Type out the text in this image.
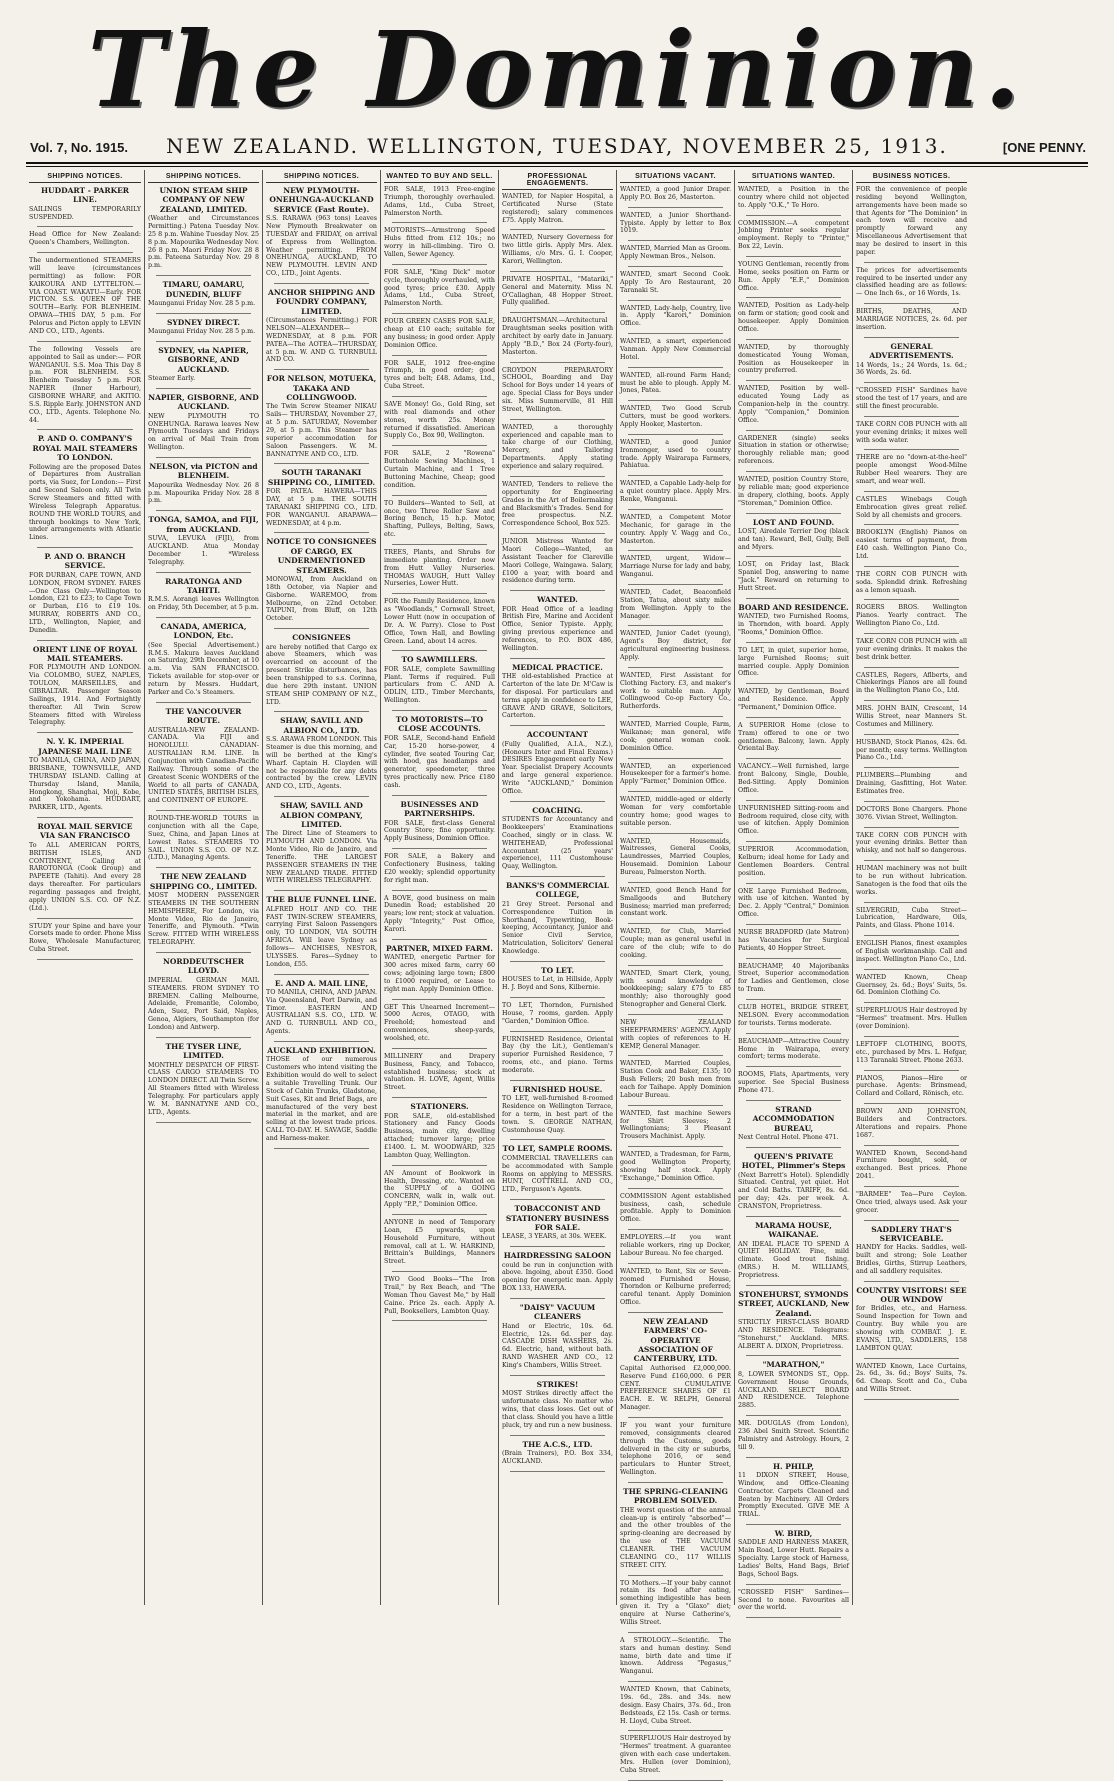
The Dominion.
Vol. 7, No. 1915.	NEW ZEALAND. WELLINGTON, TUESDAY, NOVEMBER 25, 1913.	[ONE PENNY.
SHIPPING NOTICES.
HUDDART - PARKER LINE.
SAILINGS TEMPORARILY SUSPENDED.
Head Office for New Zealand: Queen's Chambers, Wellington.
The undermentioned STEAMERS will leave (circumstances permitting) as follow: FOR KAIKOURA AND LYTTELTON.—VIA COAST. WAKATU—Early. FOR PICTON. S.S. QUEEN OF THE SOUTH—Early. FOR BLENHEIM. OPAWA—THIS DAY, 5 p.m. For Pelorus and Picton apply to LEVIN AND CO., LTD., Agents.
The following Vessels are appointed to Sail as under:— FOR WANGANUI. S.S. Moa This Day 8 p.m. FOR BLENHEIM. S.S. Blenheim Tuesday 5 p.m. FOR NAPIER (Inner Harbour), GISBORNE WHARF, and AKITIO. S.S. Ripple Early. JOHNSTON AND CO., LTD., Agents. Telephone No. 44.
P. AND O. COMPANY'S ROYAL MAIL STEAMERS TO LONDON.
Following are the proposed Dates of Departures from Australian ports, via Suez, for London:— First and Second Saloon only. All Twin Screw Steamers and fitted with Wireless Telegraph Apparatus. ROUND THE WORLD TOURS, and through bookings to New York, under arrangements with Atlantic Lines.
P. AND O. BRANCH SERVICE.
FOR DURBAN, CAPE TOWN, AND LONDON, FROM SYDNEY. FARES—One Class Only—Wellington to London, £21 to £23; to Cape Town or Durban, £16 to £19 10s. MURRAY, ROBERTS AND CO., LTD., Wellington, Napier, and Dunedin.
ORIENT LINE OF ROYAL MAIL STEAMERS.
FOR PLYMOUTH AND LONDON. Via COLOMBO, SUEZ, NAPLES, TOULON, MARSEILLES, and GIBRALTAR. Passenger Season Sailings, 1914. And Fortnightly thereafter. All Twin Screw Steamers fitted with Wireless Telegraphy.
N. Y. K. IMPERIAL JAPANESE MAIL LINE
TO MANILA, CHINA, AND JAPAN, BRISBANE, TOWNSVILLE, AND THURSDAY ISLAND. Calling at Thursday Island, Manila, Hongkong, Shanghai, Moji, Kobe, and Yokohama. HUDDART, PARKER, LTD., Agents.
ROYAL MAIL SERVICE VIA SAN FRANCISCO
To ALL AMERICAN PORTS, BRITISH ISLES, AND CONTINENT, Calling at RAROTONGA (Cook Group) and PAPEETE (Tahiti). And every 28 days thereafter. For particulars regarding passages and freight, apply UNION S.S. CO. OF N.Z. (Ltd.).
STUDY your Spine and have your Corsets made to order. Phone Miss Rowe, Wholesale Manufacturer, Cuba Street.
SHIPPING NOTICES.
UNION STEAM SHIP COMPANY OF NEW ZEALAND, LIMITED.
(Weather and Circumstances Permitting.) Patena Tuesday Nov. 25 8 p.m. Wahine Tuesday Nov. 25 8 p.m. Mapourika Wednesday Nov. 26 8 p.m. Maori Friday Nov. 28 8 p.m. Pateena Saturday Nov. 29 8 p.m.
TIMARU, OAMARU, DUNEDIN, BLUFF
Maunganui Friday Nov. 28 5 p.m.
SYDNEY DIRECT.
Maunganui Friday Nov. 28 5 p.m.
SYDNEY, via NAPIER, GISBORNE, AND AUCKLAND.
Steamer Early.
NAPIER, GISBORNE, AND AUCKLAND.
NEW PLYMOUTH TO ONEHUNGA. Rarawa leaves New Plymouth Tuesdays and Fridays on arrival of Mail Train from Wellington.
NELSON, via PICTON and BLENHEIM.
Mapourika Wednesday Nov. 26 8 p.m. Mapourika Friday Nov. 28 8 p.m.
TONGA, SAMOA, and FIJI, from AUCKLAND.
SUVA, LEVUKA (FIJI), from AUCKLAND. Atua Monday December 1. *Wireless Telegraphy.
RARATONGA AND TAHITI.
R.M.S. Aorangi leaves Wellington on Friday, 5th December, at 5 p.m.
CANADA, AMERICA, LONDON, Etc.
(See Special Advertisement.) R.M.S. Makura leaves Auckland on Saturday, 29th December, at 10 a.m. Via SAN FRANCISCO. Tickets available for stop-over or return by Messrs. Huddart, Parker and Co.'s Steamers.
THE VANCOUVER ROUTE.
AUSTRALIA-NEW ZEALAND-CANADA. Via FIJI and HONOLULU. CANADIAN-AUSTRALIAN R.M. LINE. In Conjunction with Canadian-Pacific Railway. Through some of the Greatest Scenic WONDERS of the World to all parts of CANADA, UNITED STATES, BRITISH ISLES, and CONTINENT OF EUROPE.
ROUND-THE-WORLD TOURS in conjunction with all the Cape, Suez, China, and Japan Lines at Lowest Rates. STEAMERS TO SAIL. UNION S.S. CO. OF N.Z. (LTD.), Managing Agents.
THE NEW ZEALAND SHIPPING CO., LIMITED.
MOST MODERN PASSENGER STEAMERS IN THE SOUTHERN HEMISPHERE, For London, via Monte Video, Rio de Janeiro, Teneriffe, and Plymouth. *Twin Screw. FITTED WITH WIRELESS TELEGRAPHY.
NORDDEUTSCHER LLOYD.
IMPERIAL GERMAN MAIL STEAMERS. FROM SYDNEY TO BREMEN. Calling Melbourne, Adelaide, Fremantle, Colombo, Aden, Suez, Port Said, Naples, Genoa, Algiers, Southampton (for London) and Antwerp.
THE TYSER LINE, LIMITED.
MONTHLY DESPATCH OF FIRST-CLASS CARGO STEAMERS TO LONDON DIRECT. All Twin Screw. All Steamers fitted with Wireless Telegraphy. For particulars apply W. M. BANNATYNE AND CO., LTD., Agents.
SHIPPING NOTICES.
NEW PLYMOUTH-ONEHUNGA-AUCKLAND SERVICE (Fast Route).
S.S. RARAWA (963 tons) Leaves New Plymouth Breakwater on TUESDAY and FRIDAY, on arrival of Express from Wellington. Weather permitting. FROM ONEHUNGA, AUCKLAND, TO NEW PLYMOUTH. LEVIN AND CO., LTD., Joint Agents.
ANCHOR SHIPPING AND FOUNDRY COMPANY, LIMITED.
(Circumstances Permitting.) FOR NELSON—ALEXANDER—WEDNESDAY, at 8 p.m. FOR PATEA—The AOTEA—THURSDAY, at 5 p.m. W. AND G. TURNBULL AND CO.
FOR NELSON, MOTUEKA, TAKAKA AND COLLINGWOOD.
The Twin Screw Steamer NIKAU Sails— THURSDAY, November 27, at 5 p.m. SATURDAY, November 29, at 5 p.m. This Steamer has superior accommodation for Saloon Passengers. W. M. BANNATYNE AND CO., LTD.
SOUTH TARANAKI SHIPPING CO., LIMITED.
FOR PATEA. HAWERA—THIS DAY, at 5 p.m. THE SOUTH TARANAKI SHIPPING CO., LTD. FOR WANGANUI. ARAPAWA—WEDNESDAY, at 4 p.m.
NOTICE TO CONSIGNEES OF CARGO, EX UNDERMENTIONED STEAMERS.
MONOWAI, from Auckland on 18th October, via Napier and Gisborne. WAREMOO, from Melbourne, on 22nd October. TAIPUNI, from Bluff, on 12th October.
CONSIGNEES
are hereby notified that Cargo ex above Steamers, which was overcarried on account of the present Strike disturbances, has been transhipped to s.s. Corinna, due here 29th instant. UNION STEAM SHIP COMPANY OF N.Z., LTD.
SHAW, SAVILL AND ALBION CO., LTD.
S.S. ARAWA FROM LONDON. This Steamer is due this morning, and will be berthed at the King's Wharf. Captain H. Clayden will not be responsible for any debts contracted by the crew. LEVIN AND CO., LTD., Agents.
SHAW, SAVILL AND ALBION COMPANY, LIMITED.
The Direct Line of Steamers to PLYMOUTH AND LONDON. Via Monte Video, Rio de Janeiro, and Teneriffe. THE LARGEST PASSENGER STEAMERS IN THE NEW ZEALAND TRADE. FITTED WITH WIRELESS TELEGRAPHY.
THE BLUE FUNNEL LINE.
ALFRED HOLT AND CO. THE FAST TWIN-SCREW STEAMERS, carrying First Saloon Passengers only, TO LONDON, VIA SOUTH AFRICA. Will leave Sydney as follows— ANCHISES, NESTOR, ULYSSES. Fares—Sydney to London, £55.
E. AND A. MAIL LINE,
TO MANILA, CHINA, AND JAPAN. Via Queensland, Port Darwin, and Timor. EASTERN AND AUSTRALIAN S.S. CO., LTD. W. AND G. TURNBULL AND CO., Agents.
AUCKLAND EXHIBITION.
THOSE of our numerous Customers who intend visiting the Exhibition would do well to select a suitable Travelling Trunk. Our Stock of Cabin Trunks, Gladstone, Suit Cases, Kit and Brief Bags, are manufactured of the very best material in the market, and are selling at the lowest trade prices. CALL TO-DAY. H. SAVAGE, Saddle and Harness-maker.
WANTED TO BUY AND SELL.
FOR SALE, 1913 Free-engine Triumph, thoroughly overhauled. Adams, Ltd., Cuba Street, Palmerston North.
MOTORISTS—Armstrong Speed Hubs fitted from £12 10s.; no worry in hill-climbing. Tiro O. Vallen, Sewer Agency.
FOR SALE, "King Dick" motor cycle, thoroughly overhauled, with good tyres; price £30. Apply Adams, Ltd., Cuba Street, Palmerston North.
FOUR GREEN CASES FOR SALE, cheap at £10 each; suitable for any business; in good order. Apply Dominion Office.
FOR SALE, 1912 free-engine Triumph, in good order; good tyres and belt; £48. Adams, Ltd., Cuba Street.
SAVE Money! Go., Gold Ring, set with real diamonds and other stones, worth 25s. Money returned if dissatisfied. American Supply Co., Box 90, Wellington.
FOR SALE, 2 "Rowena" Buttonhole Sewing Machines, 1 Curtain Machine, and 1 Tree Buttoning Machine, Cheap; good condition.
TO Builders—Wanted to Sell, at once, two Three Roller Saw and Boring Bench, 15 h.p. Motor, Shafting, Pulleys, Belting, Saws, etc.
TREES, Plants, and Shrubs for immediate planting. Order now from Hutt Valley Nurseries. THOMAS WAUGH, Hutt Valley Nurseries, Lower Hutt.
FOR the Family Residence, known as "Woodlands," Cornwall Street, Lower Hutt (now in occupation of Dr. A. W. Parry). Close to Post Office, Town Hall, and Bowling Green. Land, about 14 acres.
TO SAWMILLERS.
FOR SALE, complete Sawmilling Plant. Terms if required. Full particulars from C. AND A. ODLIN, LTD., Timber Merchants, Wellington.
TO MOTORISTS—TO CLOSE ACCOUNTS.
FOR SALE, Second-hand Enfield Car, 15-20 horse-power, 4 cylinder, five seated Touring Car, with hood, gas headlamps and generator, speedometer, three tyres practically new. Price £180 cash.
BUSINESSES AND PARTNERSHIPS.
FOR SALE, first-class General Country Store; fine opportunity. Apply Business, Dominion Office.
FOR SALE, a Bakery and Confectionery Business, taking £20 weekly; splendid opportunity for right man.
A BOVE, good business on main Dunedin Road; established 20 years; low rent; stock at valuation. Apply "Integrity," Post Office, Karori.
PARTNER, MIXED FARM.
WANTED, energetic Partner for 300 acres mixed farm, carry 60 cows; adjoining large town; £800 to £1000 required, or Lease to right man. Apply Dominion Office.
GET This Unearned Increment—5000 Acres, OTAGO, with Freehold; homestead and conveniences, sheep-yards, woolshed, etc.
MILLINERY and Drapery Business, Fancy, and Tobacco, established business; stock at valuation. H. LOVE, Agent, Willis Street.
STATIONERS.
FOR SALE, old-established Stationery and Fancy Goods Business, main city, dwelling attached; turnover large; price £1400. L. M. WOODWARD, 325 Lambton Quay, Wellington.
AN Amount of Bookwork in Health, Dressing, etc. Wanted on the SUPPLY of a GOING CONCERN, walk in, walk out. Apply "P.P.," Dominion Office.
ANYONE in need of Temporary Loan, £5 upwards, upon Household Furniture, without removal, call at L. W. HARKIND, Brittain's Buildings, Manners Street.
TWO Good Books—"The Iron Trail," by Rex Beach, and "The Woman Thou Gavest Me," by Hall Caine. Price 2s. each. Apply A. Pull, Booksellers, Lambton Quay.
PROFESSIONAL ENGAGEMENTS.
WANTED, for Napier Hospital, a Certificated Nurse (State registered); salary commences £75. Apply Matron.
WANTED, Nursery Governess for two little girls. Apply Mrs. Alex. Williams, c/o Mrs. G. I. Cooper, Karori, Wellington.
PRIVATE HOSPITAL, "Matariki," General and Maternity. Miss N. O'Callaghan, 48 Hopper Street. Fully qualified.
DRAUGHTSMAN.—Architectural Draughtsman seeks position with architect by early date in January. Apply "B.D.," Box 24 (Forty-four), Masterton.
CROYDON PREPARATORY SCHOOL, Boarding and Day School for Boys under 14 years of age. Special Class for Boys under six. Miss Summerville, 81 Hill Street, Wellington.
WANTED, a thoroughly experienced and capable man to take charge of our Clothing, Mercery, and Tailoring Departments. Apply stating experience and salary required.
WANTED, Tenders to relieve the opportunity for Engineering Grades in the Art of Boilermaking and Blacksmith's Trades. Send for free prospectus. N.Z. Correspondence School, Box 525.
JUNIOR Mistress Wanted for Maori College—Wanted, an Assistant Teacher for Clareville Maori College, Waingawa. Salary, £100 a year, with board and residence during term.
WANTED.
FOR Head Office of a leading British Fire, Marine and Accident Office, Senior Typiste. Apply, giving previous experience and references, to P.O. BOX 486, Wellington.
MEDICAL PRACTICE.
THE old-established Practice at Carterton of the late Dr. M'Caw is for disposal. For particulars and terms apply in confidence to LEE, GRAVE AND GRAVE, Solicitors, Carterton.
ACCOUNTANT
(Fully Qualified, A.I.A., N.Z.), (Honours Inter and Final Exams.) DESIRES Engagement early New Year. Specialist Drapery Accounts and large general experience. Write "AUCKLAND," Dominion Office.
COACHING.
STUDENTS for Accountancy and Bookkeepers' Examinations Coached, singly or in class. W. WHITEHEAD, Professional Accountant (25 years' experience), 111 Customhouse Quay, Wellington.
BANKS'S COMMERCIAL COLLEGE,
21 Grey Street. Personal and Correspondence Tuition in Shorthand, Typewriting, Book-keeping, Accountancy, Junior and Senior Civil Service, Matriculation, Solicitors' General Knowledge.
TO LET.
HOUSES to Let, in Hillside, Apply H. J. Boyd and Sons, Kilbernie.
TO LET, Thorndon, Furnished House, 7 rooms, garden. Apply "Garden," Dominion Office.
FURNISHED Residence, Oriental Bay (by the Lit.), Gentleman's superior Furnished Residence, 7 rooms, etc., and piano. Terms moderate.
FURNISHED HOUSE.
TO LET, well-furnished 8-roomed Residence on Wellington Terrace, for a term, in best part of the town. S. GEORGE NATHAN, Customhouse Quay.
TO LET, SAMPLE ROOMS.
COMMERCIAL TRAVELLERS can be accommodated with Sample Rooms on applying to MESSRS. HUNT, COTTRELL AND CO., LTD., Ferguson's Agents.
TOBACCONIST AND STATIONERY BUSINESS FOR SALE.
LEASE, 3 YEARS, at 30s. WEEK.
HAIRDRESSING SALOON
could be run in conjunction with above. Ingoing, about £350. Good opening for energetic man. Apply BOX 133, HAWERA.
"DAISY" VACUUM CLEANERS
Hand or Electric, 10s. 6d. Electric, 12s. 6d. per day. CASCADE DISH WASHERS, 2s. 6d. Electric, hand, without bath. RAND WASHER AND CO., 12 King's Chambers, Willis Street.
STRIKES!
MOST Strikes directly affect the unfortunate class. No matter who wins, that class loses. Get out of that class. Should you have a little pluck, try and run a new business.
THE A.C.S., LTD.
(Brain Trainers), P.O. Box 334, AUCKLAND.
SITUATIONS VACANT.
WANTED, a good Junior Draper. Apply P.O. Box 26, Masterton.
WANTED, a Junior Shorthand-Typiste. Apply by letter to Box 1019.
WANTED, Married Man as Groom. Apply Newman Bros., Nelson.
WANTED, smart Second Cook. Apply To Aro Restaurant, 20 Taranaki St.
WANTED, Lady-help, Country, live in. Apply "Karori," Dominion Office.
WANTED, a smart, experienced Vanman. Apply New Commercial Hotel.
WANTED, all-round Farm Hand; must be able to plough. Apply M. Jones, Patea.
WANTED, Two Good Scrub Cutters, must be good workers. Apply Hooker, Masterton.
WANTED, a good Junior Ironmonger, used to country trade. Apply Wairarapa Farmers, Pahiatua.
WANTED, a Capable Lady-help for a quiet country place. Apply Mrs. Renke, Wanganui.
WANTED, a Competent Motor Mechanic, for garage in the country. Apply V. Wagg and Co., Masterton.
WANTED, urgent, Widow—Marriage Nurse for lady and baby, Wanganui.
WANTED, Cadet, Beaconfield Station, Tatua, about sixty miles from Wellington. Apply to the Manager.
WANTED, Junior Cadet (young), Agent's Boy district, for agricultural engineering business. Apply.
WANTED, First Assistant for Clothing Factory. £3, and maker's work to suitable man. Apply Collingwood Co-op Factory Co., Rutherfords.
WANTED, Married Couple, Farm, Waikanae; man general, wife cook; general woman cook. Dominion Office.
WANTED, an experienced Housekeeper for a farmer's home. Apply "Farmer," Dominion Office.
WANTED, middle-aged or elderly Woman for very comfortable country home; good wages to suitable person.
WANTED, Housemaids, Waitresses, General Cooks, Laundresses, Married Couples, Housemaid. Dominion Labour Bureau, Palmerston North.
WANTED, good Bench Hand for Smallgoods and Butchery Business; married man preferred; constant work.
WANTED, for Club, Married Couple; man as general useful in care of the club; wife to do cooking.
WANTED, Smart Clerk, young, with sound knowledge of bookkeeping; salary £75 to £85 monthly; also thoroughly good Stenographer and General Clerk.
NEW ZEALAND SHEEPFARMERS' AGENCY. Apply with copies of references to H. KEMP, General Manager.
WANTED, Married Couples, Station Cook and Baker, £135; 10 Bush Fellers; 20 bush men from each for Taihape. Apply Dominion Labour Bureau.
WANTED, fast machine Sewers for Shirt Sleeves; 2 Wellingtonians; 3 Pleasant Trousers Machinist. Apply.
WANTED, a Tradesman, for Farm, good Wellington Property, showing half stock. Apply "Exchange," Dominion Office.
COMMISSION Agent established business, cash, schedule profitable. Apply to Dominion Office.
EMPLOYERS.—If you want reliable workers, ring up Docker, Labour Bureau. No fee charged.
WANTED, to Rent, Six or Seven-roomed Furnished House, Thorndon or Kelburne preferred; careful tenant. Apply Dominion Office.
NEW ZEALAND FARMERS' CO-OPERATIVE ASSOCIATION OF CANTERBURY, LTD.
Capital Authorised £2,000,000. Reserve Fund £160,000. 6 PER CENT. CUMULATIVE PREFERENCE SHARES OF £1 EACH. E. W. RELPH, General Manager.
IF you want your furniture removed, consignments cleared through the Customs, goods delivered in the city or suburbs, telephone 2016, or send particulars to Hunter Street, Wellington.
THE SPRING-CLEANING PROBLEM SOLVED.
THE worst question of the annual clean-up is entirely "absorbed"—and the other troubles of the spring-cleaning are decreased by the use of THE VACUUM CLEANER. THE VACUUM CLEANING CO., 117 WILLIS STREET. CITY.
TO Mothers.—If your baby cannot retain its food after eating, something indigestible has been given it. Try a "Glaxo" diet; enquire at Nurse Catherine's, Willis Street.
A STROLOGY.—Scientific. The stars and human destiny. Send name, birth date and time if known. Address "Pegasus," Wanganui.
WANTED Known, that Cabinets, 19s. 6d., 28s. and 34s. new design. Easy Chairs, 37s. 6d., Iron Bedsteads, £2 15s. Cash or terms. H. Lloyd, Cuba Street.
SUPERFLUOUS Hair destroyed by "Hermes" treatment. A guarantee given with each case undertaken. Mrs. Hullen (over Dominion), Cuba Street.
SITUATIONS WANTED.
WANTED, a Position in the country where child not objected to. Apply "O.K.," Te Horo.
COMMISSION.—A competent Jobbing Printer seeks regular employment. Reply to "Printer," Box 22, Levin.
YOUNG Gentleman, recently from Home, seeks position on Farm or Run. Apply "E.F.," Dominion Office.
WANTED, Position as Lady-help on farm or station; good cook and housekeeper. Apply Dominion Office.
WANTED, by thoroughly domesticated Young Woman, Position as Housekeeper in country preferred.
WANTED, Position by well-educated Young Lady as Companion-help in the country. Apply "Companion," Dominion Office.
GARDENER (single) seeks Situation in station or otherwise; thoroughly reliable man; good references.
WANTED, position Country Store, by reliable man; good experience in drapery, clothing, boots. Apply "Storeman," Dominion Office.
LOST AND FOUND.
LOST, Airedale Terrier Dog (black and tan). Reward, Bell, Gully, Bell and Myers.
LOST, on Friday last, Black Spaniel Dog, answering to name "Jack." Reward on returning to Hutt Street.
BOARD AND RESIDENCE.
WANTED, two Furnished Rooms, in Thorndon, with board. Apply "Rooms," Dominion Office.
TO LET, in quiet, superior home, large Furnished Rooms; suit married couple. Apply Dominion Office.
WANTED, by Gentleman, Board and Residence. Apply "Permanent," Dominion Office.
A SUPERIOR Home (close to Tram) offered to one or two gentlemen. Balcony, lawn. Apply Oriental Bay.
VACANCY.—Well furnished, large front Balcony, Single, Double, Bed-Sitting. Apply Dominion Office.
UNFURNISHED Sitting-room and Bedroom required, close city, with use of kitchen. Apply Dominion Office.
SUPERIOR Accommodation, Kelburn; ideal home for Lady and Gentlemen Boarders. Central position.
ONE Large Furnished Bedroom, with use of kitchen. Wanted by Dec. 2. Apply "Central," Dominion Office.
NURSE BRADFORD (late Matron) has Vacancies for Surgical Patients, 40 Hopper Street.
BEAUCHAMP, 40 Majoribanks Street, Superior accommodation for Ladies and Gentlemen, close to Tram.
CLUB HOTEL, BRIDGE STREET, NELSON. Every accommodation for tourists. Terms moderate.
BEAUCHAMP—Attractive Country Home in Wairarapa, every comfort; terms moderate.
ROOMS, Flats, Apartments, very superior. See Special Business Phone 471.
STRAND ACCOMMODATION BUREAU,
Next Central Hotel. Phone 471.
QUEEN'S PRIVATE HOTEL, Plimmer's Steps
(Next Barrett's Hotel). Splendidly Situated. Central, yet quiet. Hot and Cold Baths. TARIFF, 8s. 6d. per day; 42s. per week. A. CRANSTON, Proprietress.
MARAMA HOUSE, WAIKANAE.
AN IDEAL PLACE TO SPEND A QUIET HOLIDAY. Fine, mild climate. Good trout fishing. (MRS.) H. M. WILLIAMS, Proprietress.
STONEHURST, SYMONDS STREET, AUCKLAND, New Zealand.
STRICTLY FIRST-CLASS BOARD AND RESIDENCE. Telegrams: "Stonehurst," Auckland. MRS. ALBERT A. DIXON, Proprietress.
"MARATHON,"
8, LOWER SYMONDS ST., Opp. Government House Grounds, AUCKLAND. SELECT BOARD AND RESIDENCE. Telephone 2885.
MR. DOUGLAS (from London), 236 Abel Smith Street. Scientific Palmistry and Astrology. Hours, 2 till 9.
H. PHILP,
11 DIXON STREET, House, Window, and Office-Cleaning Contractor. Carpets Cleaned and Beaten by Machinery. All Orders Promptly Executed. GIVE ME A TRIAL.
W. BIRD,
SADDLE AND HARNESS MAKER, Main Road, Lower Hutt. Repairs a Specialty. Large stock of Harness, Ladies' Belts, Hand Bags, Brief Bags, School Bags.
"CROSSED FISH" Sardines—Second to none. Favourites all over the world.
BUSINESS NOTICES.
FOR the convenience of people residing beyond Wellington, arrangements have been made so that Agents for "The Dominion" in each town will receive and promptly forward any Miscellaneous Advertisement that may be desired to insert in this paper.
The prices for advertisements required to be inserted under any classified heading are as follows:— One Inch 6s., or 16 Words, 1s.
BIRTHS, DEATHS, AND MARRIAGE NOTICES, 2s. 6d. per insertion.
GENERAL ADVERTISEMENTS.
14 Words, 1s.; 24 Words, 1s. 6d.; 36 Words, 2s. 6d.
"CROSSED FISH" Sardines have stood the test of 17 years, and are still the finest procurable.
TAKE CORN COB PUNCH with all your evening drinks; it mixes well with soda water.
THERE are no "down-at-the-heel" people amongst Wood-Milne Rubber Heel wearers. They are smart, and wear well.
CASTLES Winebags Cough Embrocation gives great relief. Sold by all chemists and grocers.
BROOKLYN (English) Pianos on easiest terms of payment, from £40 cash. Wellington Piano Co., Ltd.
THE CORN COB PUNCH with soda. Splendid drink. Refreshing as a lemon squash.
ROGERS BROS. Wellington Pianos. Yearly contract. The Wellington Piano Co., Ltd.
TAKE CORN COB PUNCH with all your evening drinks. It makes the best drink better.
CASTLES, Regers, Aflberts, and Chiekerings Pianos are all found in the Wellington Piano Co., Ltd.
MRS. JOHN BAIN, Crescent, 14 Willis Street, near Manners St. Costumes and Millinery.
HUSBAND, Stock Pianos, 42s. 6d. per month; easy terms. Wellington Piano Co., Ltd.
PLUMBERS—Plumbing and Draining, Gasfitting, Hot Water. Estimates free.
DOCTORS Bone Chargers. Phone 3076. Vivian Street, Wellington.
TAKE CORN COB PUNCH with your evening drinks. Better than whisky, and not half so dangerous.
HUMAN machinery was not built to be run without lubrication. Sanatogen is the food that oils the works.
SILVERGRID, Cuba Street—Lubrication, Hardware, Oils, Paints, and Glass. Phone 1014.
ENGLISH Pianos, finest examples of English workmanship. Call and inspect. Wellington Piano Co., Ltd.
WANTED Known, Cheap Guernsey, 2s. 6d.; Boys' Suits, 5s. 6d. Dominion Clothing Co.
SUPERFLUOUS Hair destroyed by "Hermes" treatment. Mrs. Hullen (over Dominion).
LEFTOFF CLOTHING, BOOTS, etc., purchased by Mrs. L. Hefgar, 113 Taranaki Street. Phone 2633.
PIANOS, Pianos—Hire or purchase. Agents: Brinsmead, Collard and Collard, Rönisch, etc.
BROWN AND JOHNSTON, Builders and Contractors. Alterations and repairs. Phone 1687.
WANTED Known, Second-hand Furniture bought, sold, or exchanged. Best prices. Phone 2041.
"BARMEE" Tea—Pure Ceylon. Once tried, always used. Ask your grocer.
SADDLERY THAT'S SERVICEABLE.
HANDY for Hacks. Saddles, well-built and strong; Sole Leather Bridles, Girths, Stirrup Leathers, and all saddlery requisites.
COUNTRY VISITORS! SEE OUR WINDOW
for Bridles, etc., and Harness. Sound Inspection for Town and Country. Buy while you are showing with COMBAT. J. E. EVANS, LTD., SADDLERS, 158 LAMBTON QUAY.
WANTED Known, Lace Curtains, 2s. 6d., 3s. 6d.; Boys' Suits, 7s. 6d. Cheap. Scott and Co., Cuba and Willis Street.
